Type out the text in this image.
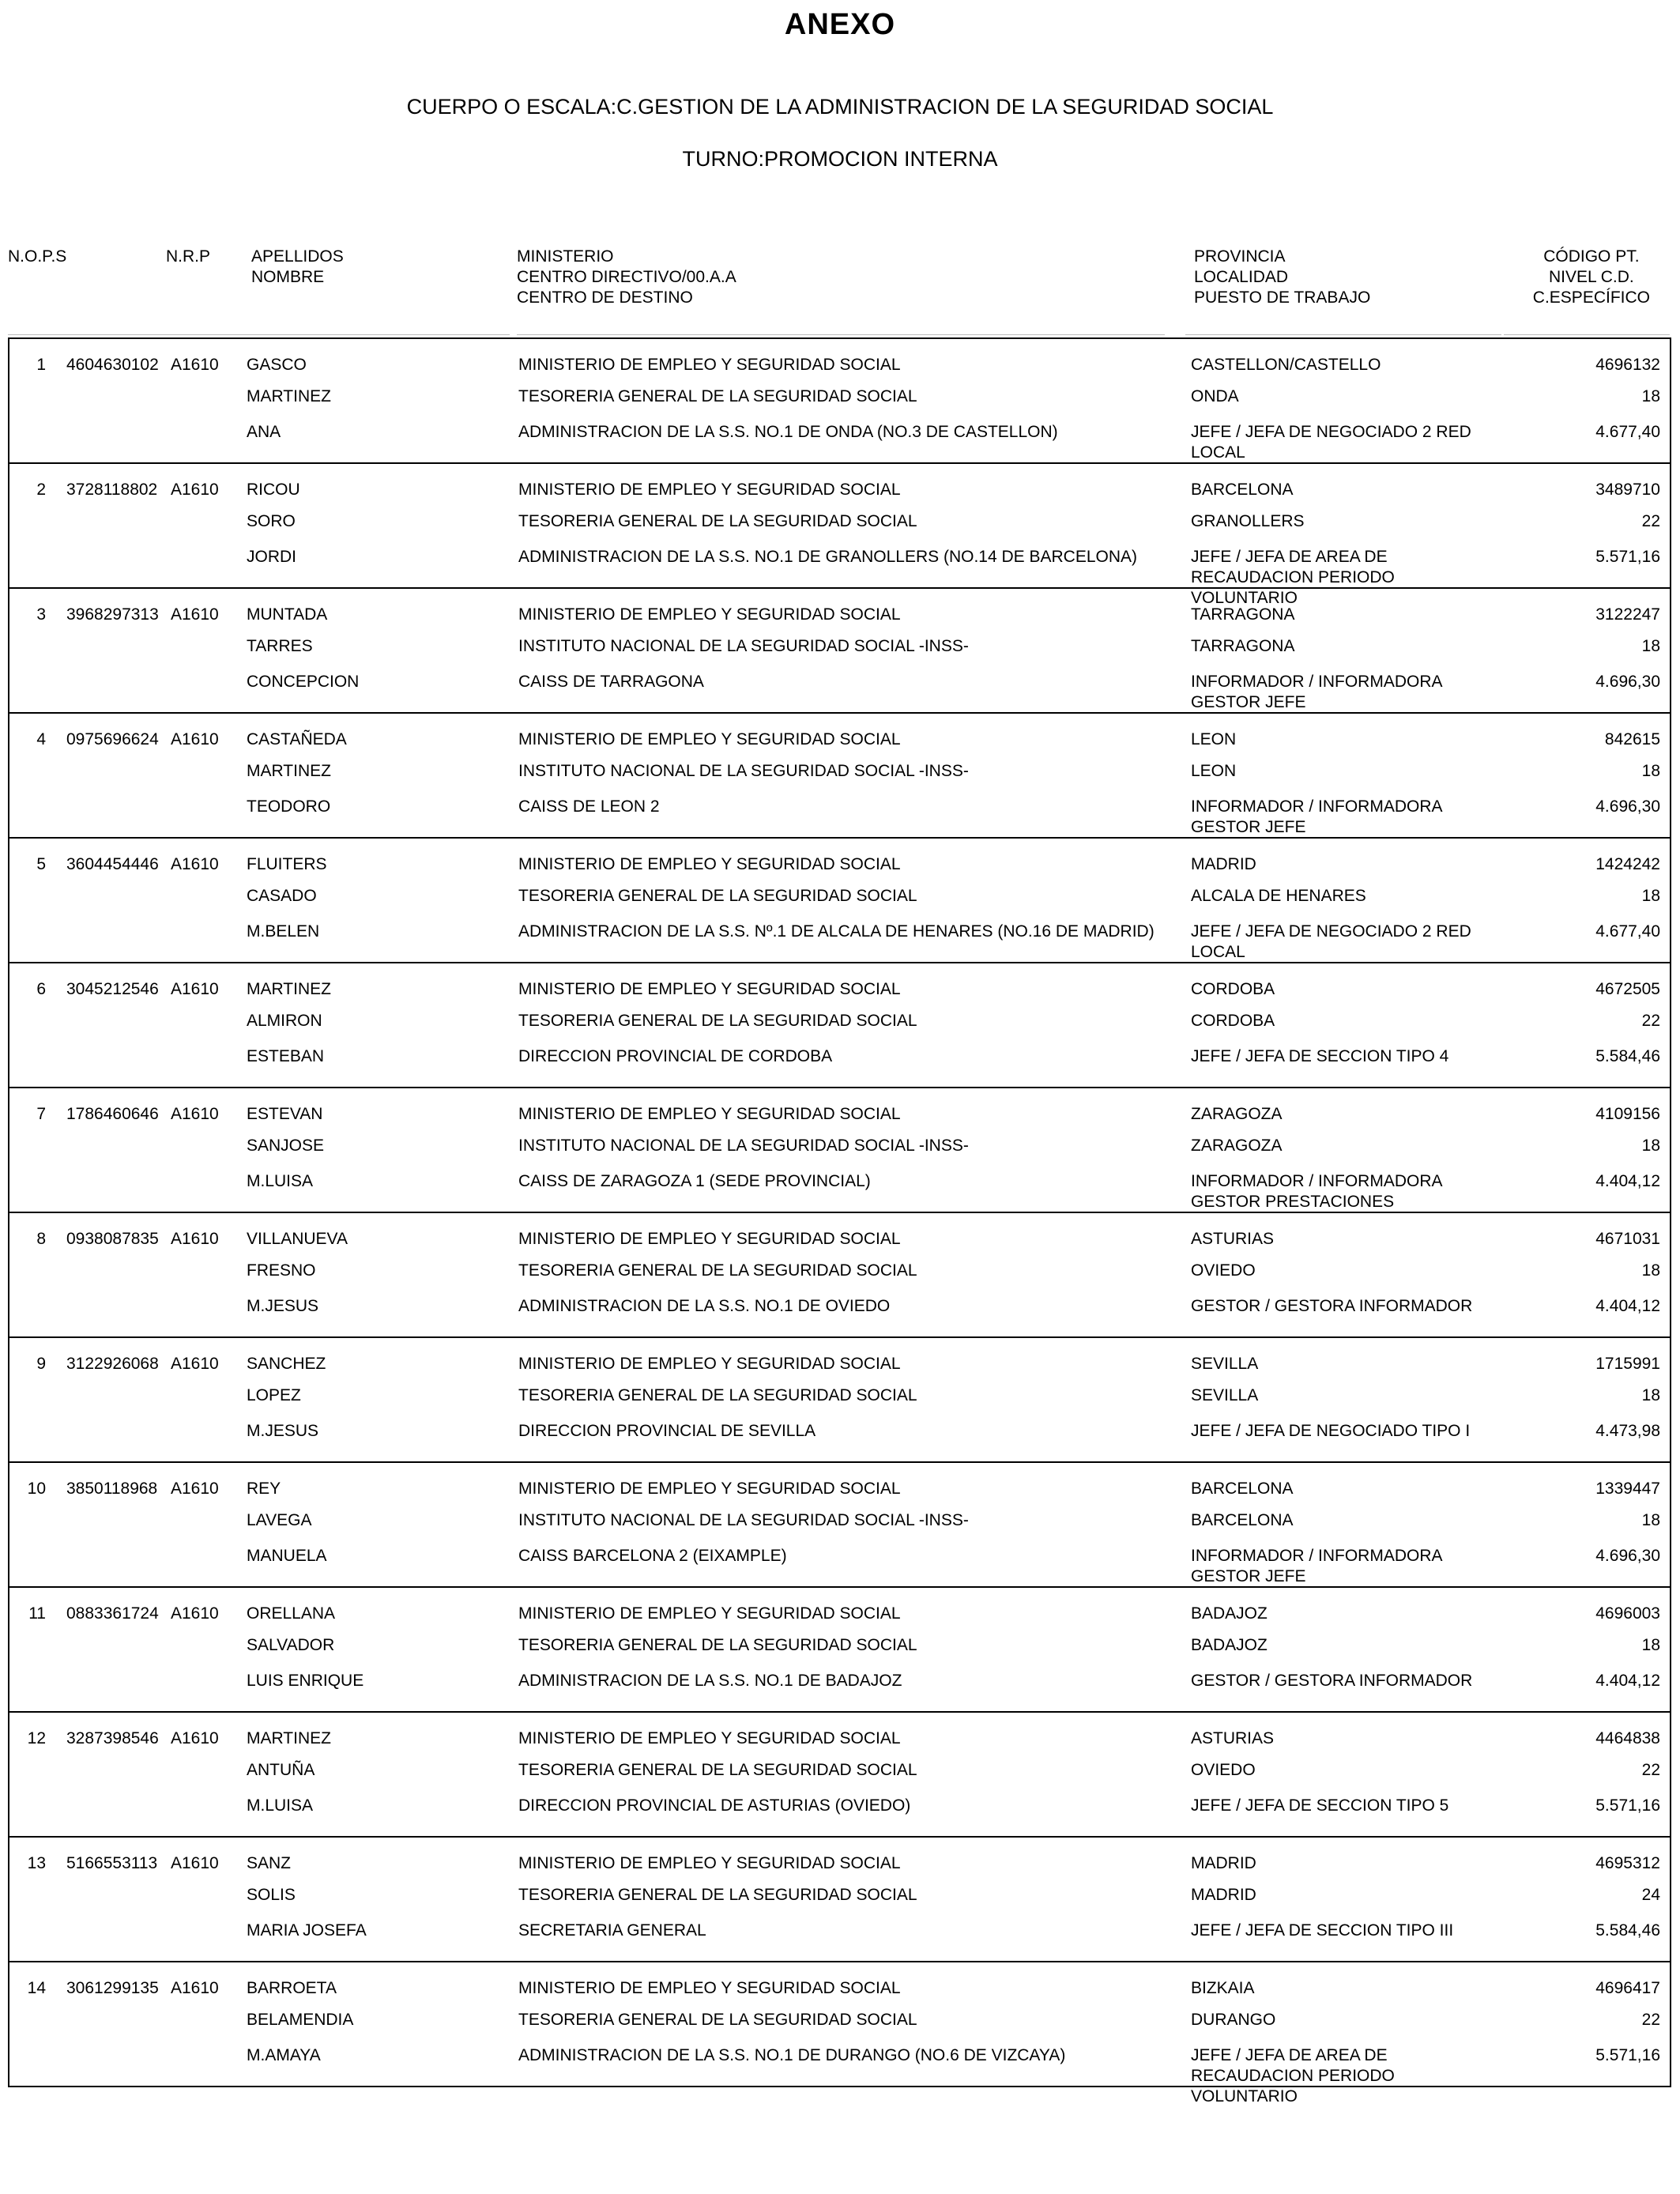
ANEXO
CUERPO O ESCALA:C.GESTION DE LA ADMINISTRACION DE LA SEGURIDAD SOCIAL
TURNO:PROMOCION INTERNA
N.O.P.S	N.R.P APELLIDOS
NOMBRE
MINISTERIO
CENTRO DIRECTIVO/00.A.A
CENTRO DE DESTINO
PROVINCIA
LOCALIDAD
PUESTO DE TRABAJO
CÓDIGO PT.
NIVEL C.D.
C.ESPECÍFICO
1 4604630102 A1610 GASCO
MARTINEZ
ANA
MINISTERIO DE EMPLEO Y SEGURIDAD SOCIAL
TESORERIA GENERAL DE LA SEGURIDAD SOCIAL
ADMINISTRACION DE LA S.S. NO.1 DE ONDA (NO.3 DE CASTELLON)
CASTELLON/CASTELLO
ONDA
JEFE / JEFA DE NEGOCIADO 2 RED LOCAL
4696132
18
4.677,40
2 3728118802 A1610 RICOU
SORO
JORDI
MINISTERIO DE EMPLEO Y SEGURIDAD SOCIAL
TESORERIA GENERAL DE LA SEGURIDAD SOCIAL
ADMINISTRACION DE LA S.S. NO.1 DE GRANOLLERS (NO.14 DE BARCELONA)
BARCELONA
GRANOLLERS
JEFE / JEFA DE AREA DE RECAUDACION PERIODO VOLUNTARIO
3489710
22
5.571,16
3 3968297313 A1610 MUNTADA
TARRES
CONCEPCION
MINISTERIO DE EMPLEO Y SEGURIDAD SOCIAL
INSTITUTO NACIONAL DE LA SEGURIDAD SOCIAL -INSS-
CAISS DE TARRAGONA
TARRAGONA
TARRAGONA
INFORMADOR / INFORMADORA GESTOR JEFE
3122247
18
4.696,30
4 0975696624 A1610 CASTAÑEDA
MARTINEZ
TEODORO
MINISTERIO DE EMPLEO Y SEGURIDAD SOCIAL
INSTITUTO NACIONAL DE LA SEGURIDAD SOCIAL -INSS-
CAISS DE LEON 2
LEON
LEON
INFORMADOR / INFORMADORA GESTOR JEFE
842615
18
4.696,30
5 3604454446 A1610 FLUITERS
CASADO
M.BELEN
MINISTERIO DE EMPLEO Y SEGURIDAD SOCIAL
TESORERIA GENERAL DE LA SEGURIDAD SOCIAL
ADMINISTRACION DE LA S.S. Nº.1 DE ALCALA DE HENARES (NO.16 DE MADRID)
MADRID
ALCALA DE HENARES
JEFE / JEFA DE NEGOCIADO 2 RED LOCAL
1424242
18
4.677,40
6 3045212546 A1610 MARTINEZ
ALMIRON
ESTEBAN
MINISTERIO DE EMPLEO Y SEGURIDAD SOCIAL
TESORERIA GENERAL DE LA SEGURIDAD SOCIAL
DIRECCION PROVINCIAL DE CORDOBA
CORDOBA
CORDOBA
JEFE / JEFA DE SECCION TIPO 4
4672505
22
5.584,46
7 1786460646 A1610 ESTEVAN
SANJOSE
M.LUISA
MINISTERIO DE EMPLEO Y SEGURIDAD SOCIAL
INSTITUTO NACIONAL DE LA SEGURIDAD SOCIAL -INSS-
CAISS DE ZARAGOZA 1 (SEDE PROVINCIAL)
ZARAGOZA
ZARAGOZA
INFORMADOR / INFORMADORA GESTOR PRESTACIONES
4109156
18
4.404,12
8 0938087835 A1610 VILLANUEVA
FRESNO
M.JESUS
MINISTERIO DE EMPLEO Y SEGURIDAD SOCIAL
TESORERIA GENERAL DE LA SEGURIDAD SOCIAL
ADMINISTRACION DE LA S.S. NO.1 DE OVIEDO
ASTURIAS
OVIEDO
GESTOR / GESTORA INFORMADOR
4671031
18
4.404,12
9 3122926068 A1610 SANCHEZ
LOPEZ
M.JESUS
MINISTERIO DE EMPLEO Y SEGURIDAD SOCIAL
TESORERIA GENERAL DE LA SEGURIDAD SOCIAL
DIRECCION PROVINCIAL DE SEVILLA
SEVILLA
SEVILLA
JEFE / JEFA DE NEGOCIADO TIPO I
1715991
18
4.473,98
10 3850118968 A1610 REY
LAVEGA
MANUELA
MINISTERIO DE EMPLEO Y SEGURIDAD SOCIAL
INSTITUTO NACIONAL DE LA SEGURIDAD SOCIAL -INSS-
CAISS BARCELONA 2 (EIXAMPLE)
BARCELONA
BARCELONA
INFORMADOR / INFORMADORA GESTOR JEFE
1339447
18
4.696,30
11 0883361724 A1610 ORELLANA
SALVADOR
LUIS ENRIQUE
MINISTERIO DE EMPLEO Y SEGURIDAD SOCIAL
TESORERIA GENERAL DE LA SEGURIDAD SOCIAL
ADMINISTRACION DE LA S.S. NO.1 DE BADAJOZ
BADAJOZ
BADAJOZ
GESTOR / GESTORA INFORMADOR
4696003
18
4.404,12
12 3287398546 A1610 MARTINEZ
ANTUÑA
M.LUISA
MINISTERIO DE EMPLEO Y SEGURIDAD SOCIAL
TESORERIA GENERAL DE LA SEGURIDAD SOCIAL
DIRECCION PROVINCIAL DE ASTURIAS (OVIEDO)
ASTURIAS
OVIEDO
JEFE / JEFA DE SECCION TIPO 5
4464838
22
5.571,16
13 5166553113 A1610 SANZ
SOLIS
MARIA JOSEFA
MINISTERIO DE EMPLEO Y SEGURIDAD SOCIAL
TESORERIA GENERAL DE LA SEGURIDAD SOCIAL
SECRETARIA GENERAL
MADRID
MADRID
JEFE / JEFA DE SECCION TIPO III
4695312
24
5.584,46
14 3061299135 A1610 BARROETA
BELAMENDIA
M.AMAYA
MINISTERIO DE EMPLEO Y SEGURIDAD SOCIAL
TESORERIA GENERAL DE LA SEGURIDAD SOCIAL
ADMINISTRACION DE LA S.S. NO.1 DE DURANGO (NO.6 DE VIZCAYA)
BIZKAIA
DURANGO
JEFE / JEFA DE AREA DE RECAUDACION PERIODO VOLUNTARIO
4696417
22
5.571,16
